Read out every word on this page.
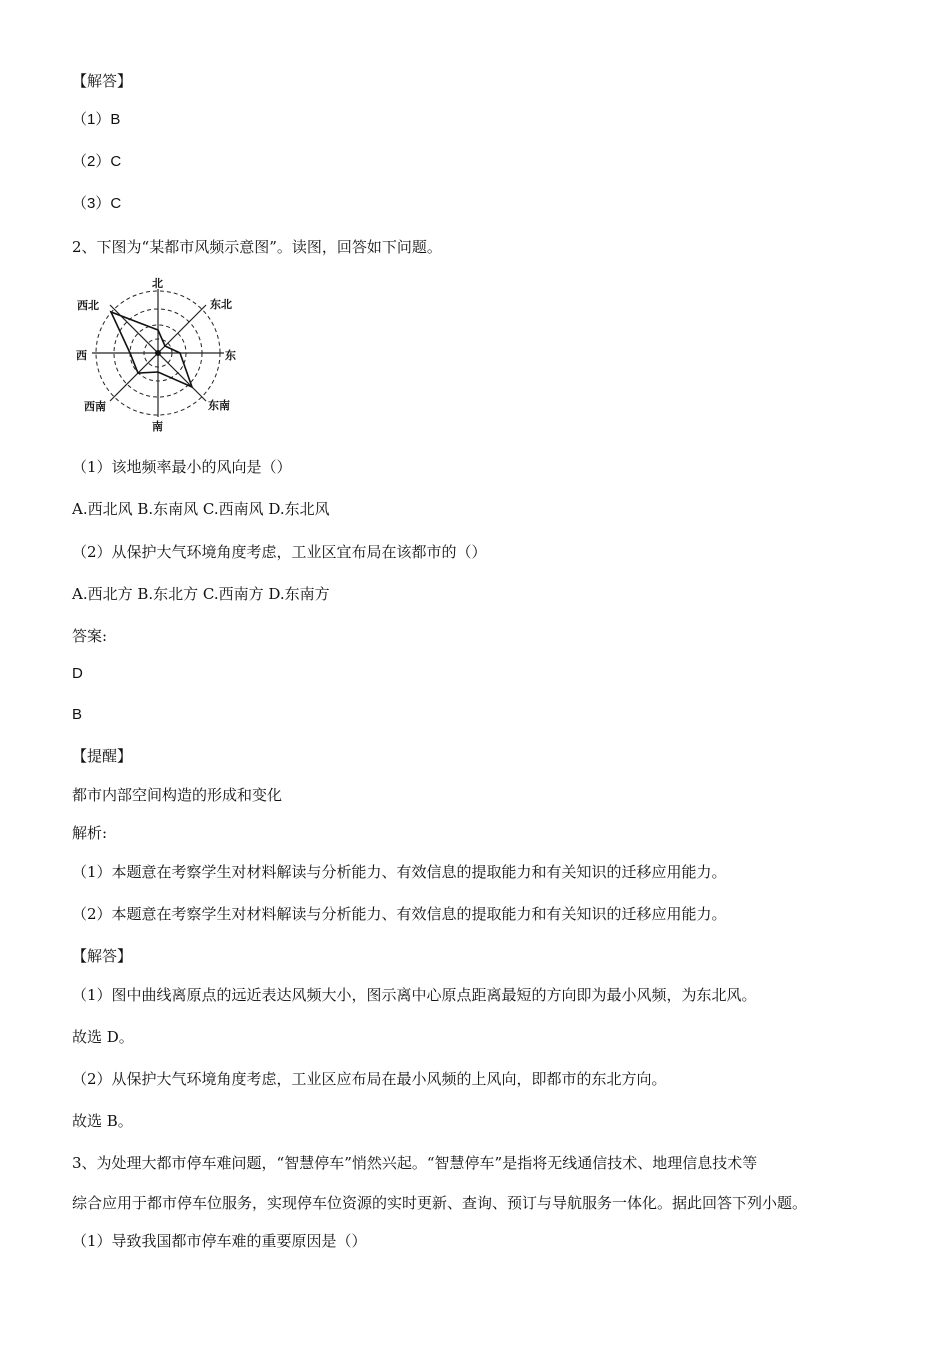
【解答】

（1）B

（2）C

（3）C

2、下图为“某都市风频示意图”。读图，回答如下问题。

北
东北
东
东南
南
西南
西
西北

（1）该地频率最小的风向是（）

A.西北风 B.东南风 C.西南风 D.东北风

（2）从保护大气环境角度考虑，工业区宜布局在该都市的（）

A.西北方 B.东北方 C.西南方 D.东南方

答案:

D

B

【提醒】

都市内部空间构造的形成和变化

解析:

（1）本题意在考察学生对材料解读与分析能力、有效信息的提取能力和有关知识的迁移应用能力。

（2）本题意在考察学生对材料解读与分析能力、有效信息的提取能力和有关知识的迁移应用能力。

【解答】

（1）图中曲线离原点的远近表达风频大小，图示离中心原点距离最短的方向即为最小风频，为东北风。

故选 D。

（2）从保护大气环境角度考虑，工业区应布局在最小风频的上风向，即都市的东北方向。

故选 B。

3、为处理大都市停车难问题，“智慧停车”悄然兴起。“智慧停车”是指将无线通信技术、地理信息技术等

综合应用于都市停车位服务，实现停车位资源的实时更新、查询、预订与导航服务一体化。据此回答下列小题。

（1）导致我国都市停车难的重要原因是（）
